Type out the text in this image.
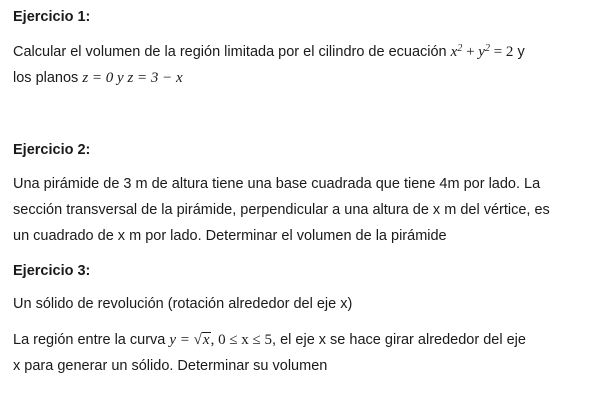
Ejercicio 1:
Calcular el volumen de la región limitada por el cilindro de ecuación $x^2 + y^2 = 2$ y
los planos z = 0 y z = 3 − x
Ejercicio 2:
Una pirámide de 3 m de altura tiene una base cuadrada que tiene 4m por lado. La
sección transversal de la pirámide, perpendicular a una altura de x m del vértice, es
un cuadrado de x m por lado. Determinar el volumen de la pirámide
Ejercicio 3:
Un sólido de revolución (rotación alrededor del eje x)
La región entre la curva y = √x, 0 ≤ x ≤ 5, el eje x se hace girar alrededor del eje
x para generar un sólido. Determinar su volumen
